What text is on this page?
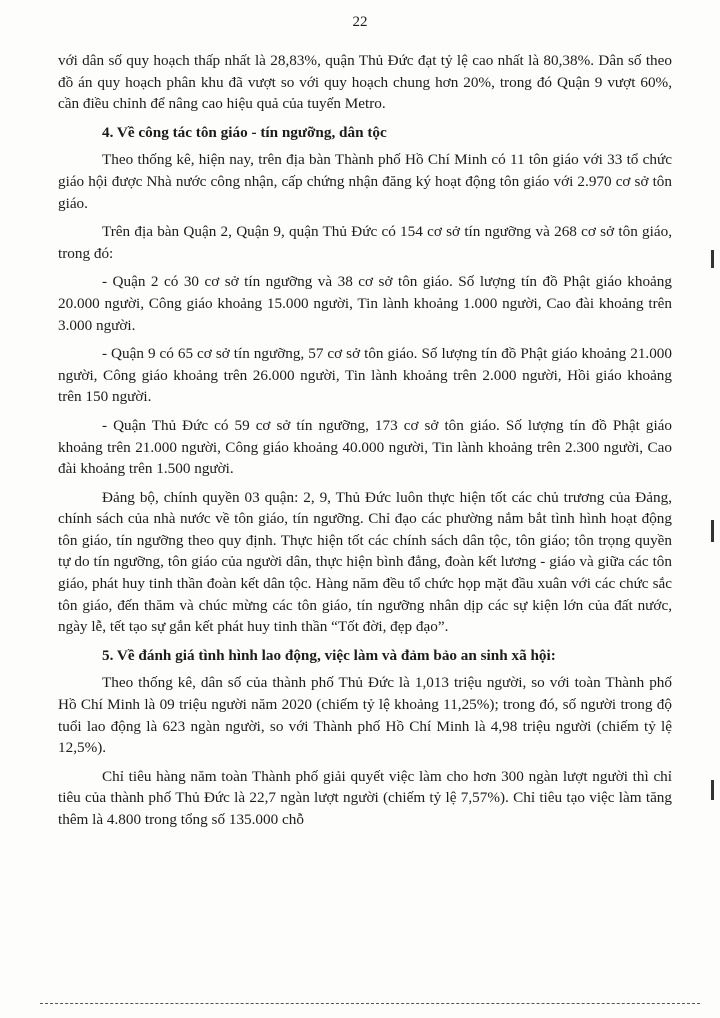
22

với dân số quy hoạch thấp nhất là 28,83%, quận Thủ Đức đạt tỷ lệ cao nhất là 80,38%. Dân số theo đồ án quy hoạch phân khu đã vượt so với quy hoạch chung hơn 20%, trong đó Quận 9 vượt 60%, cần điều chỉnh để nâng cao hiệu quả của tuyến Metro.

4. Về công tác tôn giáo - tín ngưỡng, dân tộc

Theo thống kê, hiện nay, trên địa bàn Thành phố Hồ Chí Minh có 11 tôn giáo với 33 tổ chức giáo hội được Nhà nước công nhận, cấp chứng nhận đăng ký hoạt động tôn giáo với 2.970 cơ sở tôn giáo.

Trên địa bàn Quận 2, Quận 9, quận Thủ Đức có 154 cơ sở tín ngưỡng và 268 cơ sở tôn giáo, trong đó:

- Quận 2 có 30 cơ sở tín ngưỡng và 38 cơ sở tôn giáo. Số lượng tín đồ Phật giáo khoảng 20.000 người, Công giáo khoảng 15.000 người, Tin lành khoảng 1.000 người, Cao đài khoảng trên 3.000 người.

- Quận 9 có 65 cơ sở tín ngưỡng, 57 cơ sở tôn giáo. Số lượng tín đồ Phật giáo khoảng 21.000 người, Công giáo khoảng trên 26.000 người, Tin lành khoảng trên 2.000 người, Hồi giáo khoảng trên 150 người.

- Quận Thủ Đức có 59 cơ sở tín ngưỡng, 173 cơ sở tôn giáo. Số lượng tín đồ Phật giáo khoảng trên 21.000 người, Công giáo khoảng 40.000 người, Tin lành khoảng trên 2.300 người, Cao đài khoảng trên 1.500 người.

Đảng bộ, chính quyền 03 quận: 2, 9, Thủ Đức luôn thực hiện tốt các chủ trương của Đảng, chính sách của nhà nước về tôn giáo, tín ngưỡng. Chỉ đạo các phường nắm bắt tình hình hoạt động tôn giáo, tín ngưỡng theo quy định. Thực hiện tốt các chính sách dân tộc, tôn giáo; tôn trọng quyền tự do tín ngưỡng, tôn giáo của người dân, thực hiện bình đẳng, đoàn kết lương - giáo và giữa các tôn giáo, phát huy tinh thần đoàn kết dân tộc. Hàng năm đều tổ chức họp mặt đầu xuân với các chức sắc tôn giáo, đến thăm và chúc mừng các tôn giáo, tín ngưỡng nhân dịp các sự kiện lớn của đất nước, ngày lễ, tết tạo sự gắn kết phát huy tinh thần “Tốt đời, đẹp đạo”.

5. Về đánh giá tình hình lao động, việc làm và đảm bảo an sinh xã hội:

Theo thống kê, dân số của thành phố Thủ Đức là 1,013 triệu người, so với toàn Thành phố Hồ Chí Minh là 09 triệu người năm 2020 (chiếm tỷ lệ khoảng 11,25%); trong đó, số người trong độ tuổi lao động là 623 ngàn người, so với Thành phố Hồ Chí Minh là 4,98 triệu người (chiếm tỷ lệ 12,5%).

Chỉ tiêu hàng năm toàn Thành phố giải quyết việc làm cho hơn 300 ngàn lượt người thì chỉ tiêu của thành phố Thủ Đức là 22,7 ngàn lượt người (chiếm tỷ lệ 7,57%). Chỉ tiêu tạo việc làm tăng thêm là 4.800 trong tổng số 135.000 chỗ
